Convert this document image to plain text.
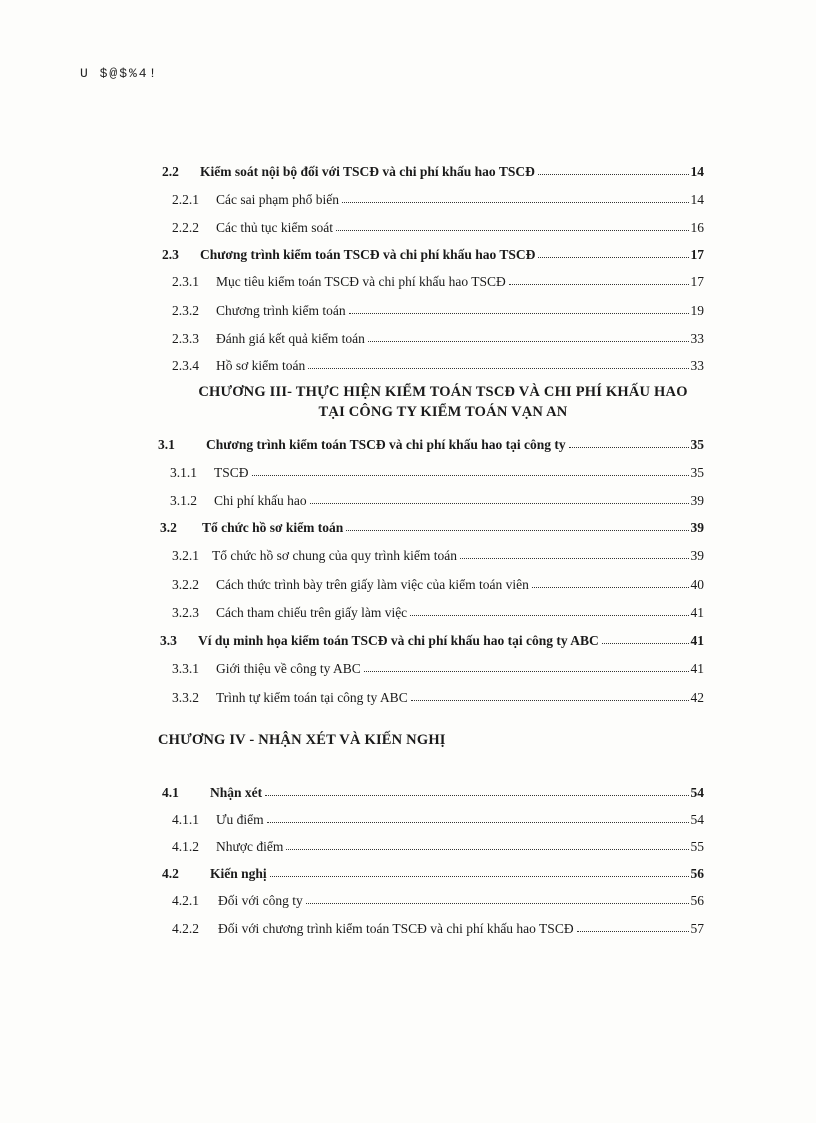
U $@$%4!
CHƯƠNG III- THỰC HIỆN KIỂM TOÁN TSCĐ VÀ CHI PHÍ KHẤU HAO
TẠI CÔNG TY KIỂM TOÁN VẠN AN
CHƯƠNG IV - NHẬN XÉT VÀ KIẾN NGHỊ
2.2	Kiểm soát nội bộ đối với TSCĐ và chi phí khấu hao TSCĐ	14
2.2.1	Các sai phạm phổ biến	14
2.2.2	Các thủ tục kiểm soát	16
2.3	Chương trình kiểm toán TSCĐ và chi phí khấu hao TSCĐ	17
2.3.1	Mục tiêu kiểm toán TSCĐ và chi phí khấu hao TSCĐ	17
2.3.2	Chương trình kiểm toán	19
2.3.3	Đánh giá kết quả kiểm toán	33
2.3.4	Hồ sơ kiểm toán	33
3.1	Chương trình kiểm toán TSCĐ và chi phí khấu hao tại công ty	35
3.1.1	TSCĐ	35
3.1.2	Chi phí khấu hao	39
3.2	Tổ chức hồ sơ kiểm toán	39
3.2.1 Tổ chức hồ sơ chung của quy trình kiểm toán	39
3.2.2	Cách thức trình bày trên giấy làm việc của kiểm toán viên	40
3.2.3	Cách tham chiếu trên giấy làm việc	41
3.3	Ví dụ minh họa kiểm toán TSCĐ và chi phí khấu hao tại công ty ABC	41
3.3.1	Giới thiệu về công ty ABC	41
3.3.2	Trình tự kiểm toán tại công ty ABC	42
4.1	Nhận xét	54
4.1.1	Ưu điểm	54
4.1.2	Nhược điểm	55
4.2	Kiến nghị	56
4.2.1	Đối với công ty	56
4.2.2	Đối với chương trình kiểm toán TSCĐ và chi phí khấu hao TSCĐ	57
